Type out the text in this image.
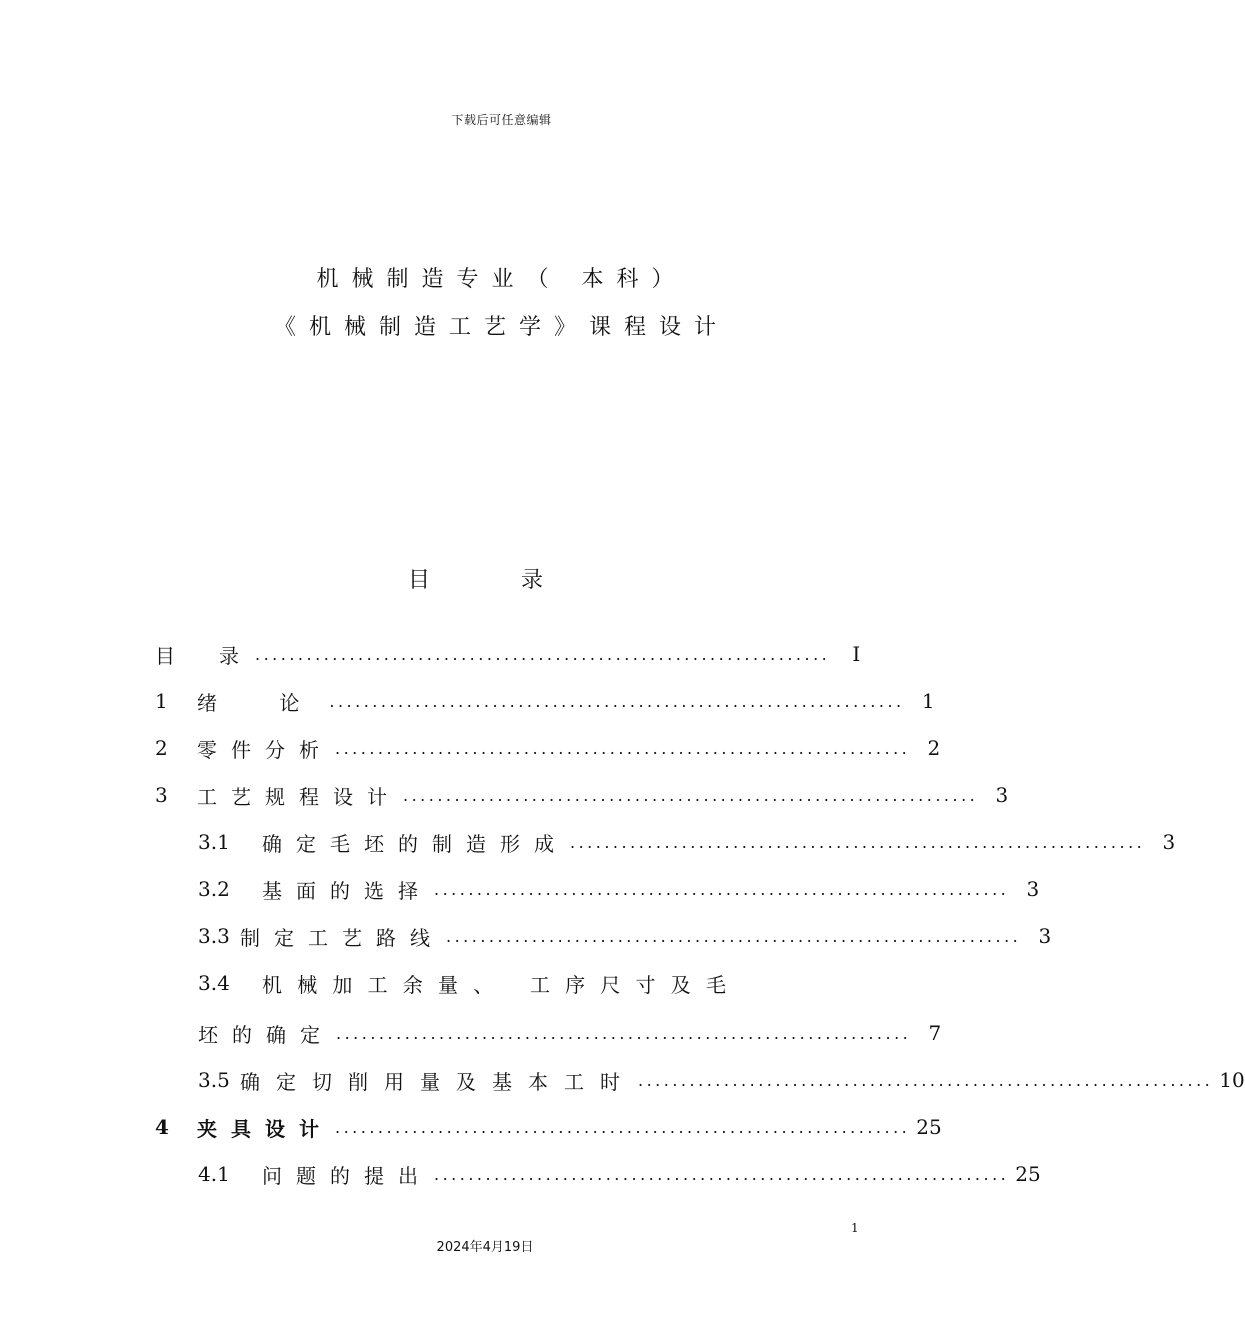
下载后可任意编辑
机械制造专业（ 本科）
《机械制造工艺学》课程设计
目 录
目	录 ...................................................................	I
1	绪 论 ................................................................... 1
2	零件分析 ................................................................... 2
3	工艺规程设计 ................................................................... 3
3.1	确定毛坯的制造形成 ................................................................... 3
3.2	基面的选择 ................................................................... 3
3.3 制定工艺路线 ................................................................... 3
3.4	机械加工余量、 工序尺寸及毛
坯的确定 ................................................................... 7
3.5 确定切削用量及基本工时 ................................................................... 10
4	夹具设计 ................................................................... 25
4.1	问题的提出 ................................................................... 25
1
2024年4月19日
